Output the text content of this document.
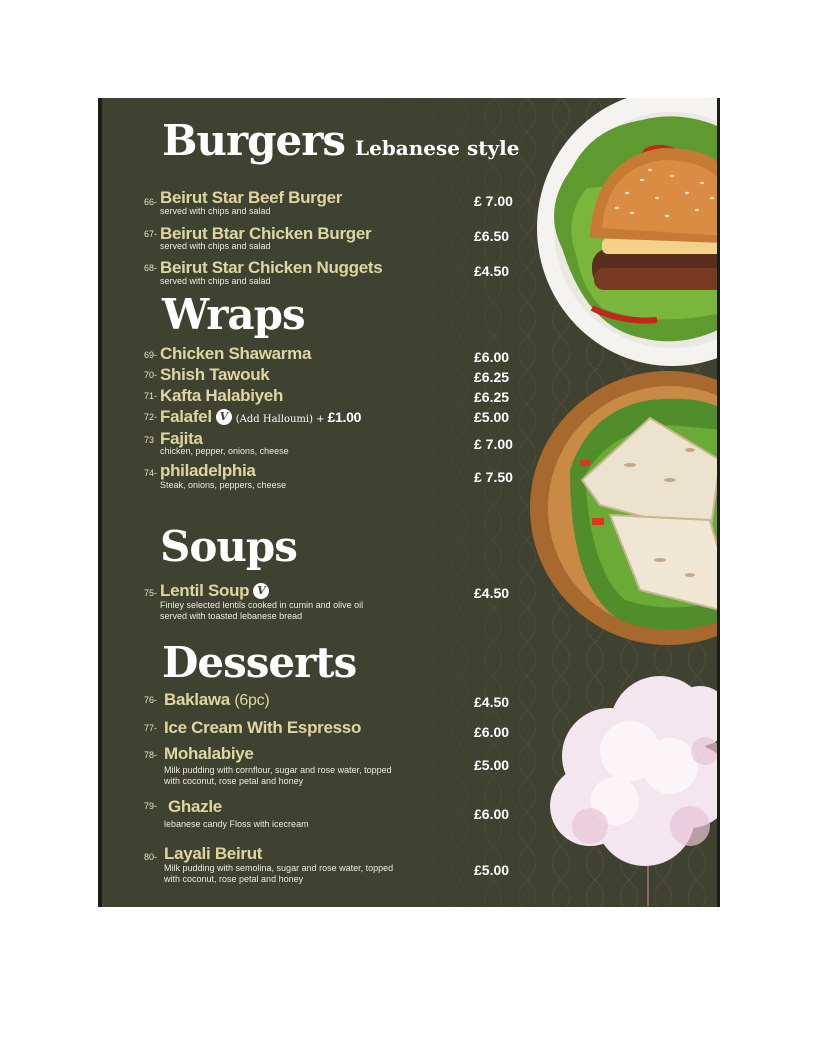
Burgers Lebanese style
66- Beirut Star Beef Burger
served with chips and salad
£ 7.00
67- Beirut Btar Chicken Burger
served with chips and salad
£6.50
68- Beirut Star Chicken Nuggets
served with chips and salad
£4.50
Wraps
69- Chicken Shawarma	£6.00
70- Shish Tawouk	£6.25
71- Kafta Halabiyeh	£6.25
72- Falafel V (Add Halloumi) + £1.00	£5.00
73 Fajita
chicken, pepper, onions, cheese	£ 7.00
74- philadelphia
Steak, onions, peppers, cheese	£ 7.50
Soups
75- Lentil Soup V
Finley selected lentils cooked in cumin and olive oil
served with toasted lebanese bread
£4.50
Desserts
76- Baklawa (6pc)	£4.50
77- Ice Cream With Espresso	£6.00
78- Mohalabiye
Milk pudding with cornflour, sugar and rose water, topped
with coconut, rose petal and honey
£5.00
79- Ghazle
lebanese candy Floss with icecream
£6.00
80- Layali Beirut
Milk pudding with semolina, sugar and rose water, topped
with coconut, rose petal and honey
£5.00
